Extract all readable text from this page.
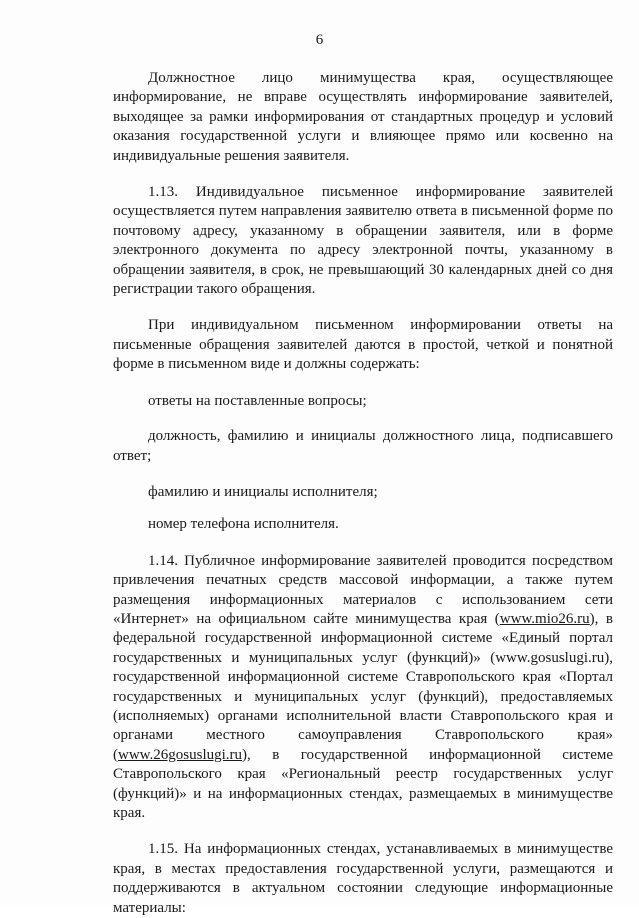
6

Должностное лицо минимущества края, осуществляющее информирование, не вправе осуществлять информирование заявителей, выходящее за рамки информирования от стандартных процедур и условий оказания государственной услуги и влияющее прямо или косвенно на индивидуальные решения заявителя.

1.13. Индивидуальное письменное информирование заявителей осуществляется путем направления заявителю ответа в письменной форме по почтовому адресу, указанному в обращении заявителя, или в форме электронного документа по адресу электронной почты, указанному в обращении заявителя, в срок, не превышающий 30 календарных дней со дня регистрации такого обращения.

При индивидуальном письменном информировании ответы на письменные обращения заявителей даются в простой, четкой и понятной форме в письменном виде и должны содержать:

ответы на поставленные вопросы;

должность, фамилию и инициалы должностного лица, подписавшего ответ;

фамилию и инициалы исполнителя;

номер телефона исполнителя.

1.14. Публичное информирование заявителей проводится посредством привлечения печатных средств массовой информации, а также путем размещения информационных материалов с использованием сети «Интернет» на официальном сайте минимущества края (www.mio26.ru), в федеральной государственной информационной системе «Единый портал государственных и муниципальных услуг (функций)» (www.gosuslugi.ru), государственной информационной системе Ставропольского края «Портал государственных и муниципальных услуг (функций), предоставляемых (исполняемых) органами исполнительной власти Ставропольского края и органами местного самоуправления Ставропольского края» (www.26gosuslugi.ru), в государственной информационной системе Ставропольского края «Региональный реестр государственных услуг (функций)» и на информационных стендах, размещаемых в минимуществе края.

1.15. На информационных стендах, устанавливаемых в минимуществе края, в местах предоставления государственной услуги, размещаются и поддерживаются в актуальном состоянии следующие информационные материалы:
